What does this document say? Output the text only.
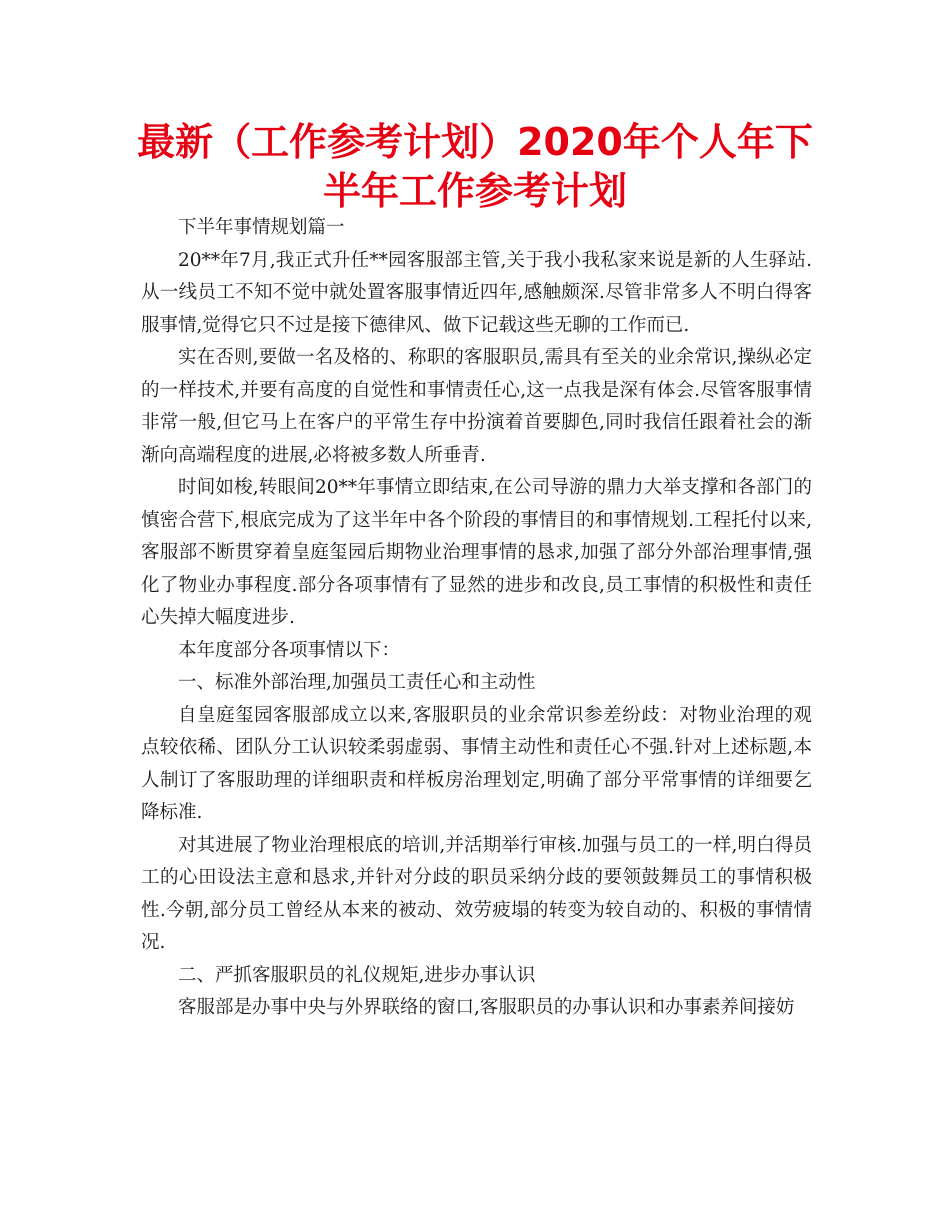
最新（工作参考计划）2020年个人年下半年工作参考计划

下半年事情规划篇一

20**年7月,我正式升任**园客服部主管,关于我小我私家来说是新的人生驿站.从一线员工不知不觉中就处置客服事情近四年,感触颇深.尽管非常多人不明白得客服事情,觉得它只不过是接下德律风、做下记载这些无聊的工作而已.

实在否则,要做一名及格的、称职的客服职员,需具有至关的业余常识,操纵必定的一样技术,并要有高度的自觉性和事情责任心,这一点我是深有体会.尽管客服事情非常一般,但它马上在客户的平常生存中扮演着首要脚色,同时我信任跟着社会的渐渐向高端程度的进展,必将被多数人所垂青.

时间如梭,转眼间20**年事情立即结束,在公司导游的鼎力大举支撑和各部门的慎密合营下,根底完成为了这半年中各个阶段的事情目的和事情规划.工程托付以来,客服部不断贯穿着皇庭玺园后期物业治理事情的恳求,加强了部分外部治理事情,强化了物业办事程度.部分各项事情有了显然的进步和改良,员工事情的积极性和责任心失掉大幅度进步.

本年度部分各项事情以下：

一、标准外部治理,加强员工责任心和主动性

自皇庭玺园客服部成立以来,客服职员的业余常识参差纷歧：对物业治理的观点较依稀、团队分工认识较柔弱虚弱、事情主动性和责任心不强.针对上述标题,本人制订了客服助理的详细职责和样板房治理划定,明确了部分平常事情的详细要乞降标准.

对其进展了物业治理根底的培训,并活期举行审核.加强与员工的一样,明白得员工的心田设法主意和恳求,并针对分歧的职员采纳分歧的要领鼓舞员工的事情积极性.今朝,部分员工曾经从本来的被动、效劳疲塌的转变为较自动的、积极的事情情况.

二、严抓客服职员的礼仪规矩,进步办事认识

客服部是办事中央与外界联络的窗口,客服职员的办事认识和办事素养间接妨
